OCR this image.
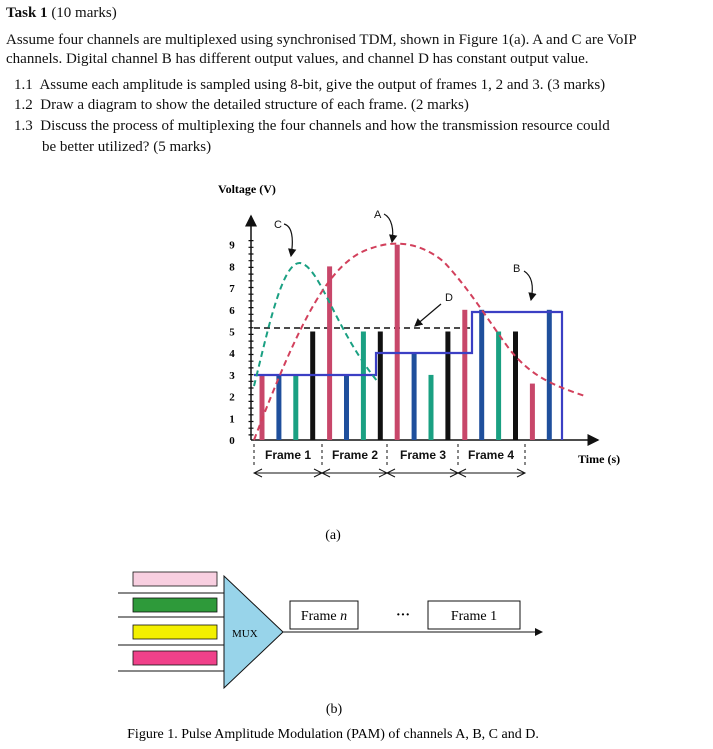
Task 1 (10 marks)
Assume four channels are multiplexed using synchronised TDM, shown in Figure 1(a). A and C are VoIP
channels. Digital channel B has different output values, and channel D has constant output value.
1.1 Assume each amplitude is sampled using 8-bit, give the output of frames 1, 2 and 3. (3 marks)
1.2 Draw a diagram to show the detailed structure of each frame. (2 marks)
1.3 Discuss the process of multiplexing the four channels and how the transmission resource could
be better utilized? (5 marks)
Voltage (V)
0
1
2
3
4
5
6
7
8
9
C
A
B
D
Frame 1 Frame 2 Frame 3 Frame 4	Time (s)
(a)
MUX
Frame n	···	Frame 1
(b)
Figure 1. Pulse Amplitude Modulation (PAM) of channels A, B, C and D.
